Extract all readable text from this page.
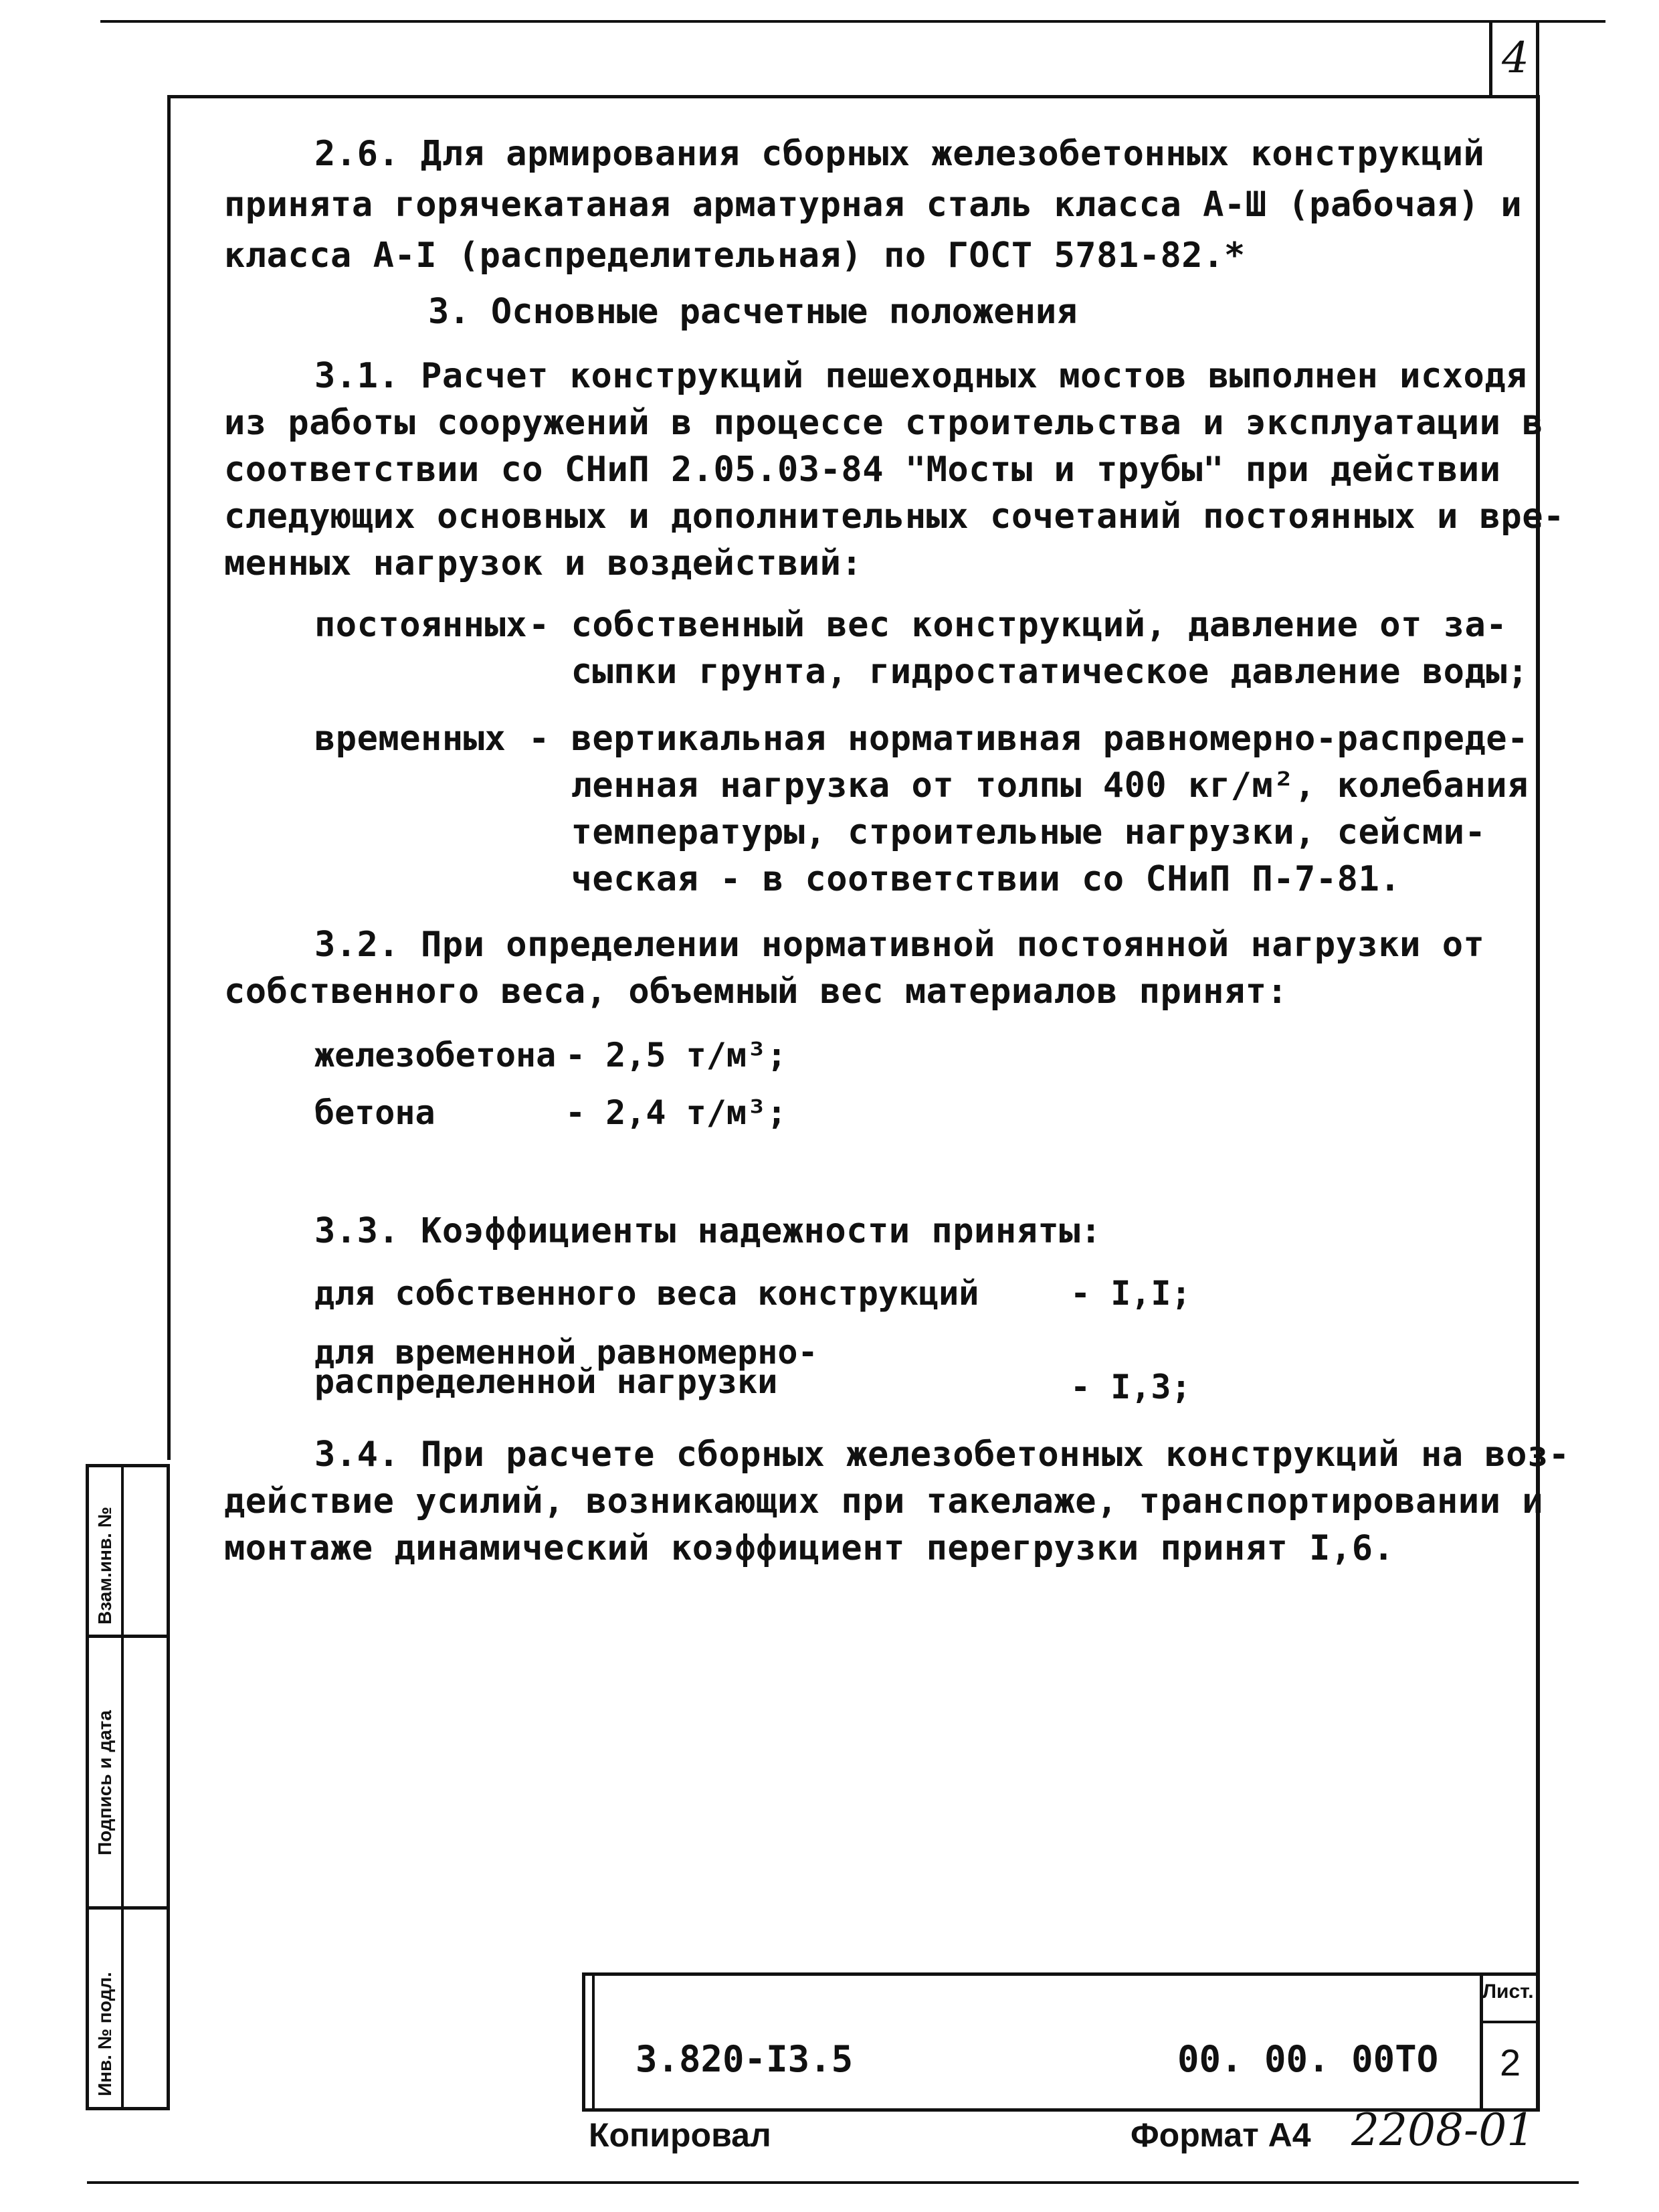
4
2.6. Для армирования сборных железобетонных конструкций
принята горячекатаная арматурная сталь класса А-Ш (рабочая) и
класса А-I (распределительная) по ГОСТ 5781-82.*
3. Основные расчетные положения
3.1. Расчет конструкций пешеходных мостов выполнен исходя
из работы сооружений в процессе строительства и эксплуатации в
соответствии со СНиП 2.05.03-84 "Мосты и трубы" при действии
следующих основных и дополнительных сочетаний постоянных и вре-
менных нагрузок и воздействий:
постоянных - собственный вес конструкций, давление от за-
сыпки грунта, гидростатическое давление воды;
временных - вертикальная нормативная равномерно-распреде-
ленная нагрузка от толпы 400 кг/м², колебания
температуры, строительные нагрузки, сейсми-
ческая - в соответствии со СНиП П-7-81.
3.2. При определении нормативной постоянной нагрузки от
собственного веса, объемный вес материалов принят:
железобетона - 2,5 т/м³;
бетона	- 2,4 т/м³;
3.3. Коэффициенты надежности приняты:
для собственного веса конструкций	- I,I;
для временной равномерно-
распределенной нагрузки	- I,3;
3.4. При расчете сборных железобетонных конструкций на воз-
действие усилий, возникающих при такелаже, транспортировании и
монтаже динамический коэффициент перегрузки принят I,6.
Взам.инв. №
Подпись и дата
Инв. № подл.	3.820-I3.5	00. 00. 00ТО
Лист.
2
Копировал	Формат А4 2208-01
